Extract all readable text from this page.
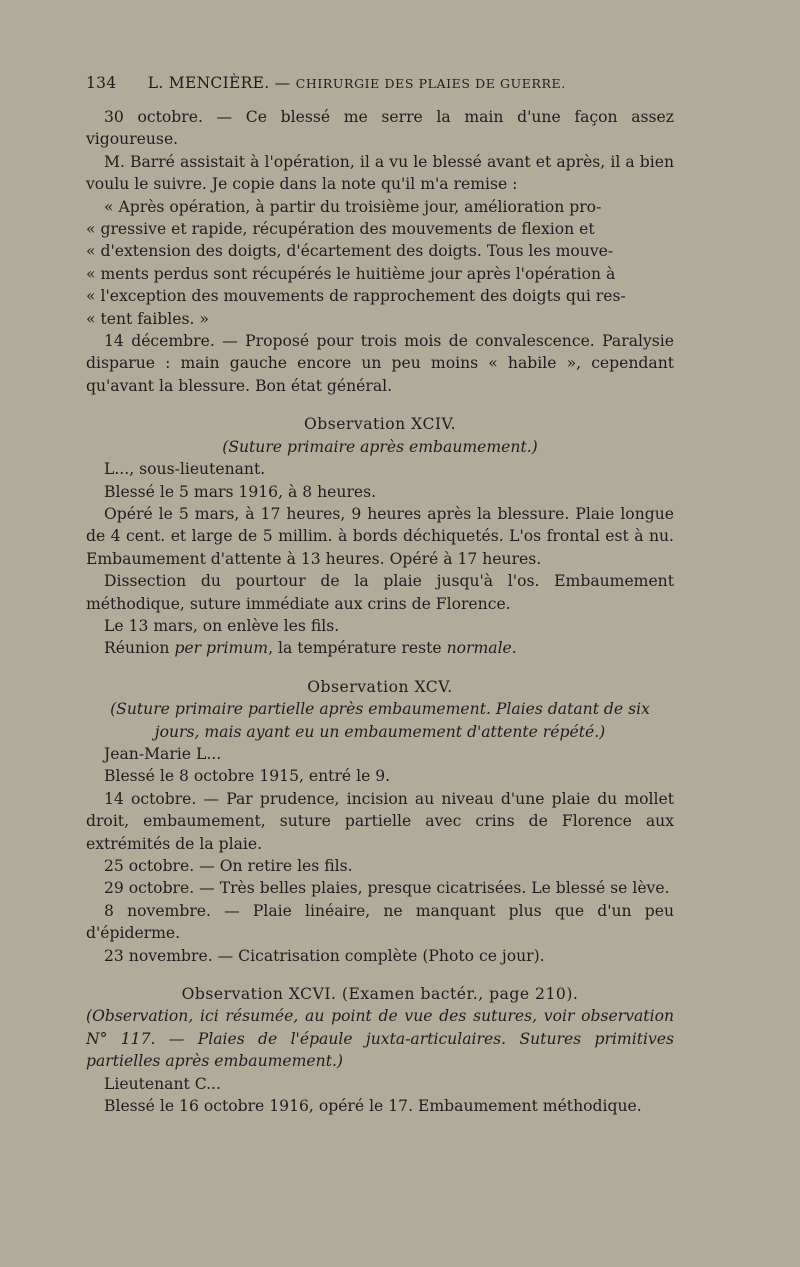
134 L. MENCIÈRE. — CHIRURGIE DES PLAIES DE GUERRE.

30 octobre. — Ce blessé me serre la main d'une façon assez vigoureuse.

M. Barré assistait à l'opération, il a vu le blessé avant et après, il a bien voulu le suivre. Je copie dans la note qu'il m'a remise :

« Après opération, à partir du troisième jour, amélioration pro-

« gressive et rapide, récupération des mouvements de flexion et

« d'extension des doigts, d'écartement des doigts. Tous les mouve-

« ments perdus sont récupérés le huitième jour après l'opération à

« l'exception des mouvements de rapprochement des doigts qui res-

« tent faibles. »

14 décembre. — Proposé pour trois mois de convalescence. Paralysie disparue : main gauche encore un peu moins « habile », cependant qu'avant la blessure. Bon état général.

Observation XCIV.

(Suture primaire après embaumement.)

L..., sous-lieutenant.

Blessé le 5 mars 1916, à 8 heures.

Opéré le 5 mars, à 17 heures, 9 heures après la blessure. Plaie longue de 4 cent. et large de 5 millim. à bords déchiquetés. L'os frontal est à nu. Embaumement d'attente à 13 heures. Opéré à 17 heures.

Dissection du pourtour de la plaie jusqu'à l'os. Embaumement méthodique, suture immédiate aux crins de Florence.

Le 13 mars, on enlève les fils.

Réunion per primum, la température reste normale.

Observation XCV.

(Suture primaire partielle après embaumement. Plaies datant de six jours, mais ayant eu un embaumement d'attente répété.)

Jean-Marie L...

Blessé le 8 octobre 1915, entré le 9.

14 octobre. — Par prudence, incision au niveau d'une plaie du mollet droit, embaumement, suture partielle avec crins de Florence aux extrémités de la plaie.

25 octobre. — On retire les fils.

29 octobre. — Très belles plaies, presque cicatrisées. Le blessé se lève.

8 novembre. — Plaie linéaire, ne manquant plus que d'un peu d'épiderme.

23 novembre. — Cicatrisation complète (Photo ce jour).

Observation XCVI. (Examen bactér., page 210).

(Observation, ici résumée, au point de vue des sutures, voir observation N° 117. — Plaies de l'épaule juxta-articulaires. Sutures primitives partielles après embaumement.)

Lieutenant C...

Blessé le 16 octobre 1916, opéré le 17. Embaumement méthodique.
